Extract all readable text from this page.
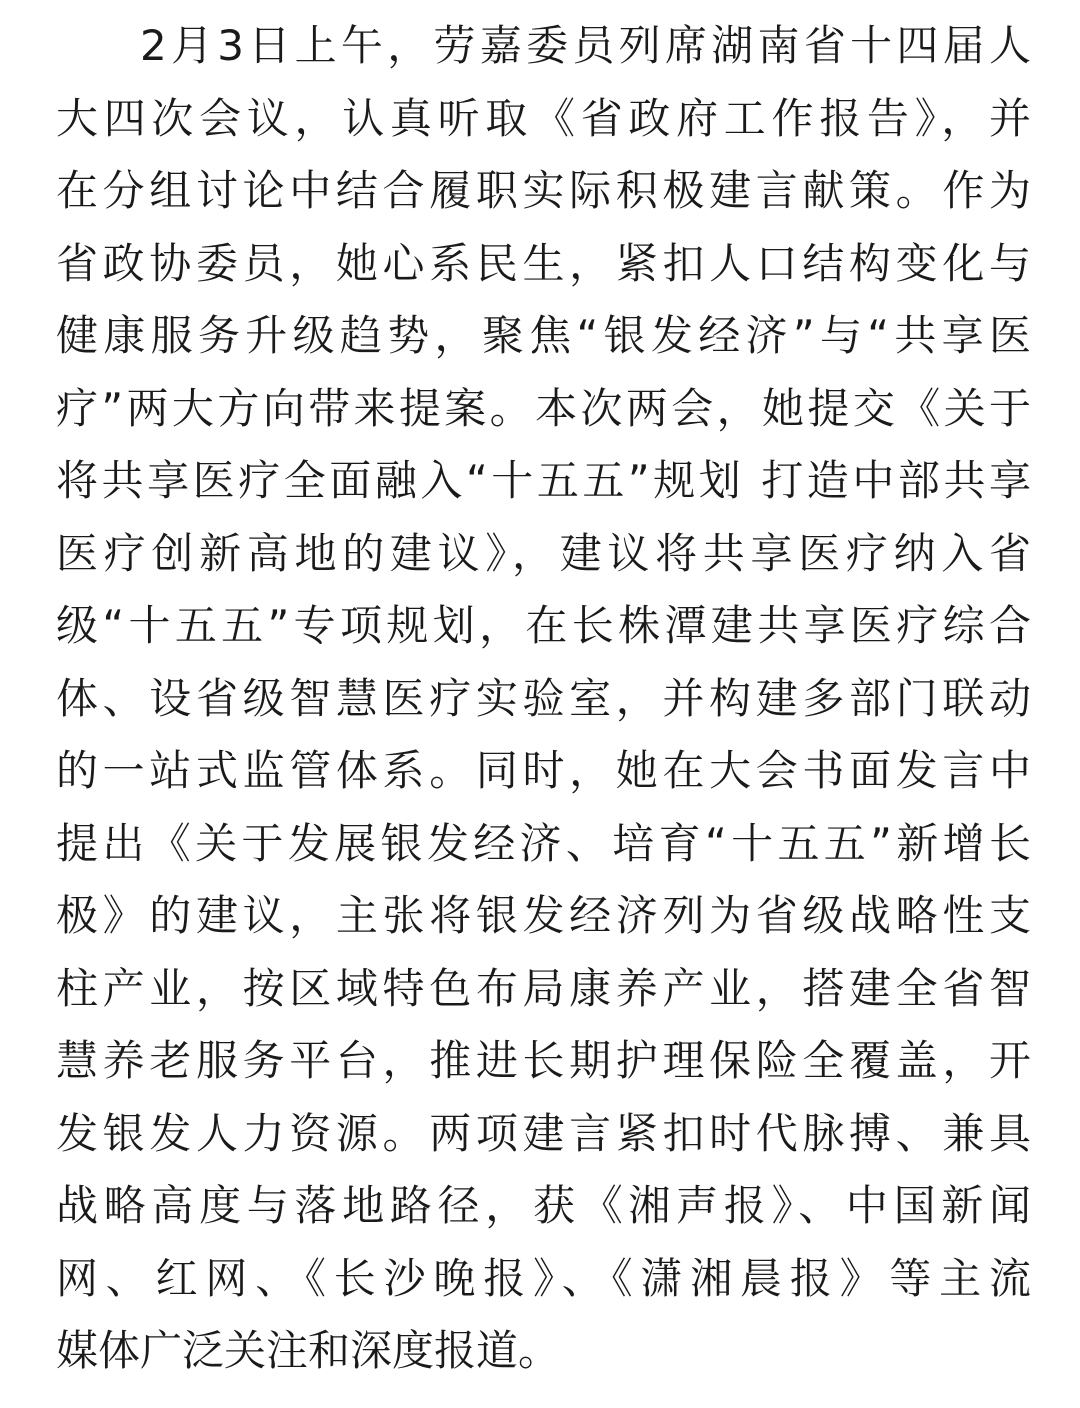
2月3日上午，劳嘉委员列席湖南省十四届人
大四次会议，认真听取《省政府工作报告》，并
在分组讨论中结合履职实际积极建言献策。作为
省政协委员，她心系民生，紧扣人口结构变化与
健康服务升级趋势，聚焦“银发经济”与“共享医
疗”两大方向带来提案。本次两会，她提交《关于
将共享医疗全面融入“十五五”规划 打造中部共享
医疗创新高地的建议》，建议将共享医疗纳入省
级“十五五”专项规划，在长株潭建共享医疗综合
体、设省级智慧医疗实验室，并构建多部门联动
的一站式监管体系。同时，她在大会书面发言中
提出《关于发展银发经济、培育“十五五”新增长
极》的建议，主张将银发经济列为省级战略性支
柱产业，按区域特色布局康养产业，搭建全省智
慧养老服务平台，推进长期护理保险全覆盖，开
发银发人力资源。两项建言紧扣时代脉搏、兼具
战略高度与落地路径，获《湘声报》、中国新闻
网、红网、《长沙晚报》、《潇湘晨报》等主流
媒体广泛关注和深度报道。
